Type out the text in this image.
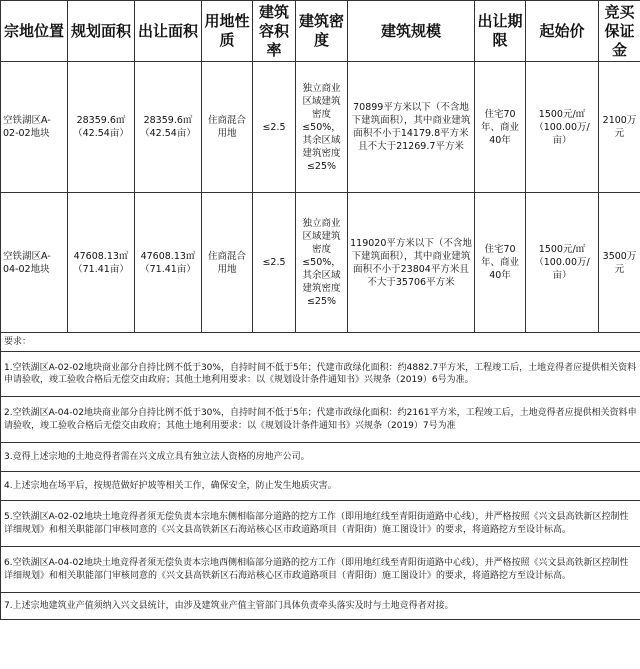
宗地位置	规划面积	出让面积	用地性质	建筑容积率	建筑密度	建筑规模	出让期限	起始价	竞买保证金
空铁湖区A-02-02地块	28359.6㎡（42.54亩）	28359.6㎡（42.54亩）	住商混合用地	≤2.5	独立商业区域建筑密度≤50%，其余区域建筑密度≤25%	70899平方米以下（不含地下建筑面积），其中商业建筑面积不小于14179.8平方米且不大于21269.7平方米	住宅70年、商业40年	1500元/㎡（100.00万/亩）	2100万元
空铁湖区A-04-02地块	47608.13㎡（71.41亩）	47608.13㎡（71.41亩）	住商混合用地	≤2.5	独立商业区域建筑密度≤50%，其余区域建筑密度≤25%	119020平方米以下（不含地下建筑面积），其中商业建筑面积不小于23804平方米且不大于35706平方米	住宅70年、商业40年	1500元/㎡（100.00万/亩）	3500万元
要求：									
1.空铁湖区A-02-02地块商业部分自持比例不低于30%，自持时间不低于5年；代建市政绿化面积：约4882.7平方米，工程竣工后，土地竞得者应提供相关资料申请验收，竣工验收合格后无偿交由政府；其他土地利用要求：以《规划设计条件通知书》兴规条（2019）6号为准。									
2.空铁湖区A-04-02地块商业部分自持比例不低于30%，自持时间不低于5年；代建市政绿化面积：约2161平方米，工程竣工后，土地竞得者应提供相关资料申请验收，竣工验收合格后无偿交由政府；其他土地利用要求：以《规划设计条件通知书》兴规条（2019）7号为准									
3.竞得上述宗地的土地竞得者需在兴文成立具有独立法人资格的房地产公司。									
4.上述宗地在场平后，按规范做好护坡等相关工作，确保安全，防止发生地质灾害。									
5.空铁湖区A-02-02地块土地竞得者须无偿负责本宗地东侧相临部分道路的挖方工作（即用地红线至青阳街道路中心线），并严格按照《兴文县高铁新区控制性详细规划》和相关职能部门审核同意的《兴文县高铁新区石海站核心区市政道路项目（青阳街）施工图设计》的要求，将道路挖方至设计标高。									
6.空铁湖区A-04-02地块土地竞得者须无偿负责本宗地西侧相临部分道路的挖方工作（即用地红线至青阳街道路中心线），并严格按照《兴文县高铁新区控制性详细规划》和相关职能部门审核同意的《兴文县高铁新区石海站核心区市政道路项目（青阳街）施工图设计》的要求，将道路挖方至设计标高。									
7.上述宗地建筑业产值须纳入兴文县统计，由涉及建筑业产值主管部门具体负责牵头落实及时与土地竞得者对接。									
